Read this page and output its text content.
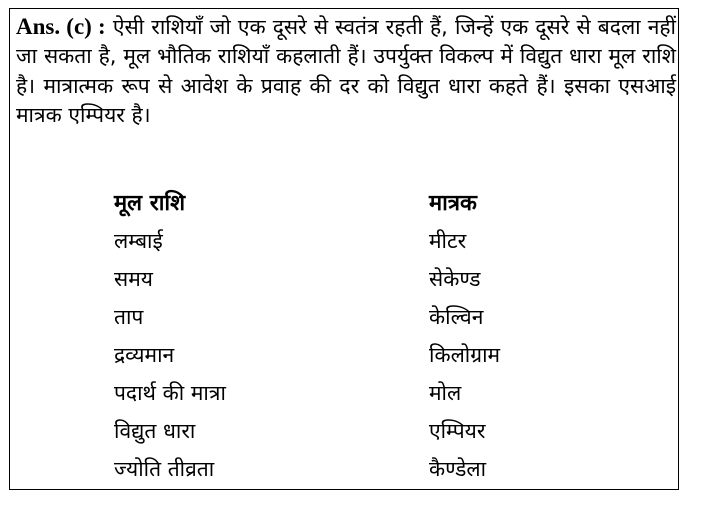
Ans. (c) : ऐसी राशियाँ जो एक दूसरे से स्वतंत्र रहती हैं, जिन्हें एक दूसरे से बदला नहीं जा सकता है, मूल भौतिक राशियाँ कहलाती हैं। उपर्युक्त विकल्प में विद्युत धारा मूल राशि है। मात्रात्मक रूप से आवेश के प्रवाह की दर को विद्युत धारा कहते हैं। इसका एसआई मात्रक एम्पियर है।
मूल राशि	मात्रक
लम्बाई	मीटर
समय	सेकेण्ड
ताप	केल्विन
द्रव्यमान	किलोग्राम
पदार्थ की मात्रा	मोल
विद्युत धारा	एम्पियर
ज्योति तीव्रता	कैण्डेला
